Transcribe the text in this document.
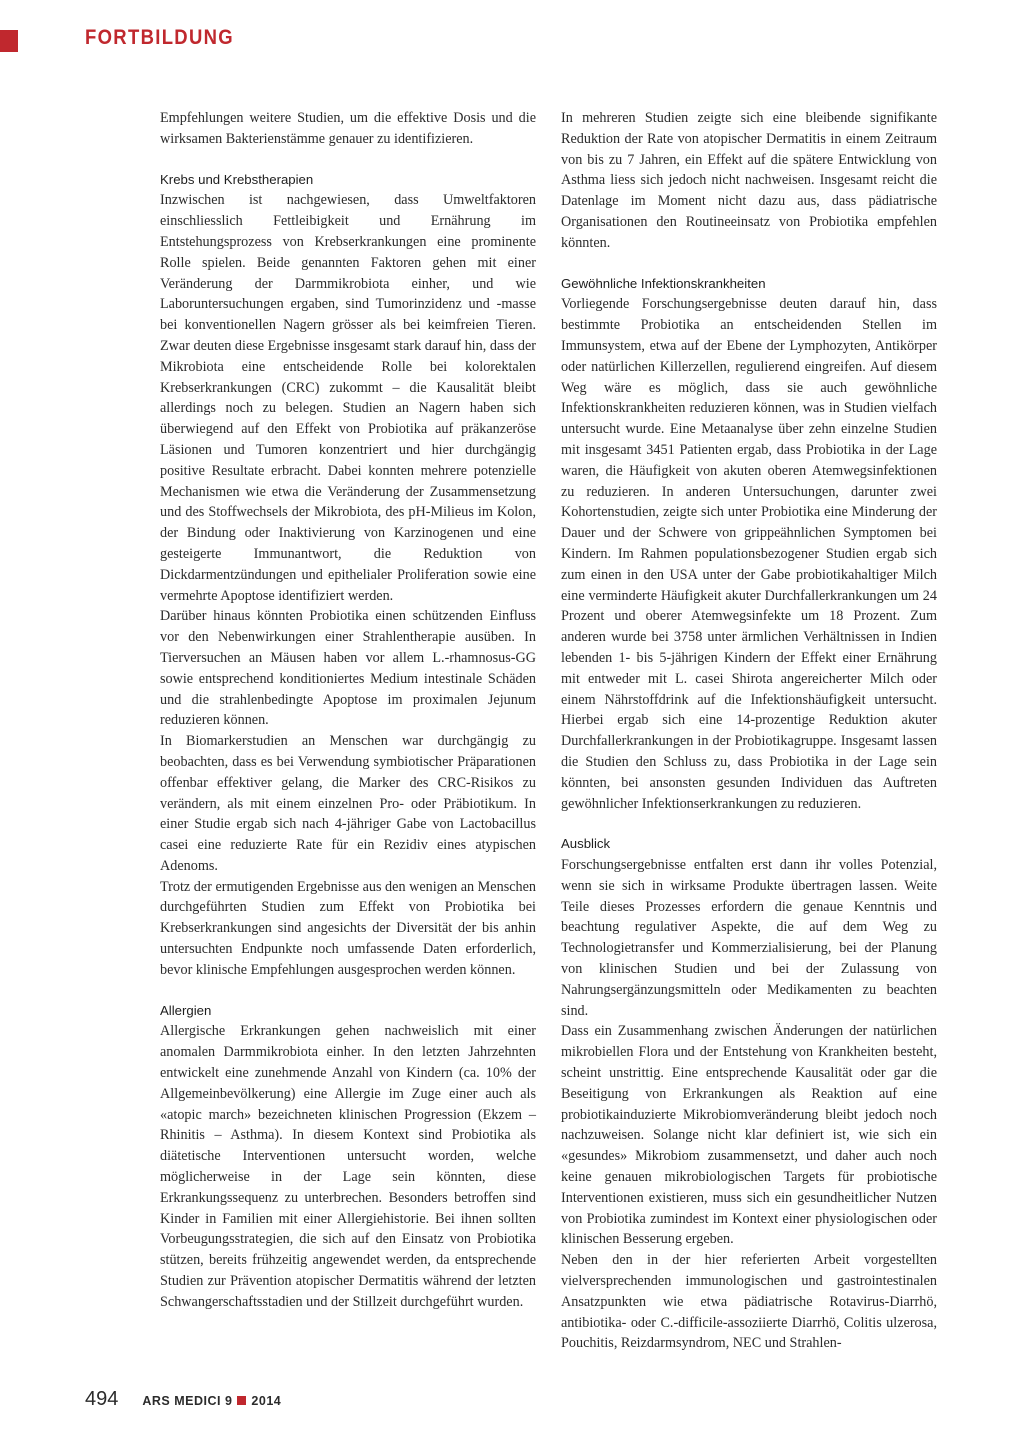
FORTBILDUNG

Empfehlungen weitere Studien, um die effektive Dosis und die wirksamen Bakterienstämme genauer zu identifizieren.

Krebs und Krebstherapien

Inzwischen ist nachgewiesen, dass Umweltfaktoren einschliesslich Fettleibigkeit und Ernährung im Entstehungsprozess von Krebserkrankungen eine prominente Rolle spielen. Beide genannten Faktoren gehen mit einer Veränderung der Darmmikrobiota einher, und wie Laboruntersuchungen ergaben, sind Tumorinzidenz und -masse bei konventionellen Nagern grösser als bei keimfreien Tieren. Zwar deuten diese Ergebnisse insgesamt stark darauf hin, dass der Mikrobiota eine entscheidende Rolle bei kolorektalen Krebserkrankungen (CRC) zukommt – die Kausalität bleibt allerdings noch zu belegen. Studien an Nagern haben sich überwiegend auf den Effekt von Probiotika auf präkanzeröse Läsionen und Tumoren konzentriert und hier durchgängig positive Resultate erbracht. Dabei konnten mehrere potenzielle Mechanismen wie etwa die Veränderung der Zusammensetzung und des Stoffwechsels der Mikrobiota, des pH-Milieus im Kolon, der Bindung oder Inaktivierung von Karzinogenen und eine gesteigerte Immunantwort, die Reduktion von Dickdarmentzündungen und epithelialer Proliferation sowie eine vermehrte Apoptose identifiziert werden.

Darüber hinaus könnten Probiotika einen schützenden Einfluss vor den Nebenwirkungen einer Strahlentherapie ausüben. In Tierversuchen an Mäusen haben vor allem L.-rhamnosus-GG sowie entsprechend konditioniertes Medium intestinale Schäden und die strahlenbedingte Apoptose im proximalen Jejunum reduzieren können.

In Biomarkerstudien an Menschen war durchgängig zu beobachten, dass es bei Verwendung symbiotischer Präparationen offenbar effektiver gelang, die Marker des CRC-Risikos zu verändern, als mit einem einzelnen Pro- oder Präbiotikum. In einer Studie ergab sich nach 4-jähriger Gabe von Lactobacillus casei eine reduzierte Rate für ein Rezidiv eines atypischen Adenoms.

Trotz der ermutigenden Ergebnisse aus den wenigen an Menschen durchgeführten Studien zum Effekt von Probiotika bei Krebserkrankungen sind angesichts der Diversität der bis anhin untersuchten Endpunkte noch umfassende Daten erforderlich, bevor klinische Empfehlungen ausgesprochen werden können.

Allergien

Allergische Erkrankungen gehen nachweislich mit einer anomalen Darmmikrobiota einher. In den letzten Jahrzehnten entwickelt eine zunehmende Anzahl von Kindern (ca. 10% der Allgemeinbevölkerung) eine Allergie im Zuge einer auch als «atopic march» bezeichneten klinischen Progression (Ekzem – Rhinitis – Asthma). In diesem Kontext sind Probiotika als diätetische Interventionen untersucht worden, welche möglicherweise in der Lage sein könnten, diese Erkrankungssequenz zu unterbrechen. Besonders betroffen sind Kinder in Familien mit einer Allergiehistorie. Bei ihnen sollten Vorbeugungsstrategien, die sich auf den Einsatz von Probiotika stützen, bereits frühzeitig angewendet werden, da entsprechende Studien zur Prävention atopischer Dermatitis während der letzten Schwangerschaftsstadien und der Stillzeit durchgeführt wurden.

In mehreren Studien zeigte sich eine bleibende signifikante Reduktion der Rate von atopischer Dermatitis in einem Zeitraum von bis zu 7 Jahren, ein Effekt auf die spätere Entwicklung von Asthma liess sich jedoch nicht nachweisen. Insgesamt reicht die Datenlage im Moment nicht dazu aus, dass pädiatrische Organisationen den Routineeinsatz von Probiotika empfehlen könnten.

Gewöhnliche Infektionskrankheiten

Vorliegende Forschungsergebnisse deuten darauf hin, dass bestimmte Probiotika an entscheidenden Stellen im Immunsystem, etwa auf der Ebene der Lymphozyten, Antikörper oder natürlichen Killerzellen, regulierend eingreifen. Auf diesem Weg wäre es möglich, dass sie auch gewöhnliche Infektionskrankheiten reduzieren können, was in Studien vielfach untersucht wurde. Eine Metaanalyse über zehn einzelne Studien mit insgesamt 3451 Patienten ergab, dass Probiotika in der Lage waren, die Häufigkeit von akuten oberen Atemwegsinfektionen zu reduzieren. In anderen Untersuchungen, darunter zwei Kohortenstudien, zeigte sich unter Probiotika eine Minderung der Dauer und der Schwere von grippeähnlichen Symptomen bei Kindern. Im Rahmen populationsbezogener Studien ergab sich zum einen in den USA unter der Gabe probiotikahaltiger Milch eine verminderte Häufigkeit akuter Durchfallerkrankungen um 24 Prozent und oberer Atemwegsinfekte um 18 Prozent. Zum anderen wurde bei 3758 unter ärmlichen Verhältnissen in Indien lebenden 1- bis 5-jährigen Kindern der Effekt einer Ernährung mit entweder mit L. casei Shirota angereicherter Milch oder einem Nährstoffdrink auf die Infektionshäufigkeit untersucht. Hierbei ergab sich eine 14-prozentige Reduktion akuter Durchfallerkrankungen in der Probiotikagruppe. Insgesamt lassen die Studien den Schluss zu, dass Probiotika in der Lage sein könnten, bei ansonsten gesunden Individuen das Auftreten gewöhnlicher Infektionserkrankungen zu reduzieren.

Ausblick

Forschungsergebnisse entfalten erst dann ihr volles Potenzial, wenn sie sich in wirksame Produkte übertragen lassen. Weite Teile dieses Prozesses erfordern die genaue Kenntnis und beachtung regulativer Aspekte, die auf dem Weg zu Technologietransfer und Kommerzialisierung, bei der Planung von klinischen Studien und bei der Zulassung von Nahrungsergänzungsmitteln oder Medikamenten zu beachten sind.

Dass ein Zusammenhang zwischen Änderungen der natürlichen mikrobiellen Flora und der Entstehung von Krankheiten besteht, scheint unstrittig. Eine entsprechende Kausalität oder gar die Beseitigung von Erkrankungen als Reaktion auf eine probiotikainduzierte Mikrobiomveränderung bleibt jedoch noch nachzuweisen. Solange nicht klar definiert ist, wie sich ein «gesundes» Mikrobiom zusammensetzt, und daher auch noch keine genauen mikrobiologischen Targets für probiotische Interventionen existieren, muss sich ein gesundheitlicher Nutzen von Probiotika zumindest im Kontext einer physiologischen oder klinischen Besserung ergeben.

Neben den in der hier referierten Arbeit vorgestellten vielversprechenden immunologischen und gastrointestinalen Ansatzpunkten wie etwa pädiatrische Rotavirus-Diarrhö, antibiotika- oder C.-difficile-assoziierte Diarrhö, Colitis ulzerosa, Pouchitis, Reizdarmsyndrom, NEC und Strahlen-

494 ARS MEDICI 9 2014
